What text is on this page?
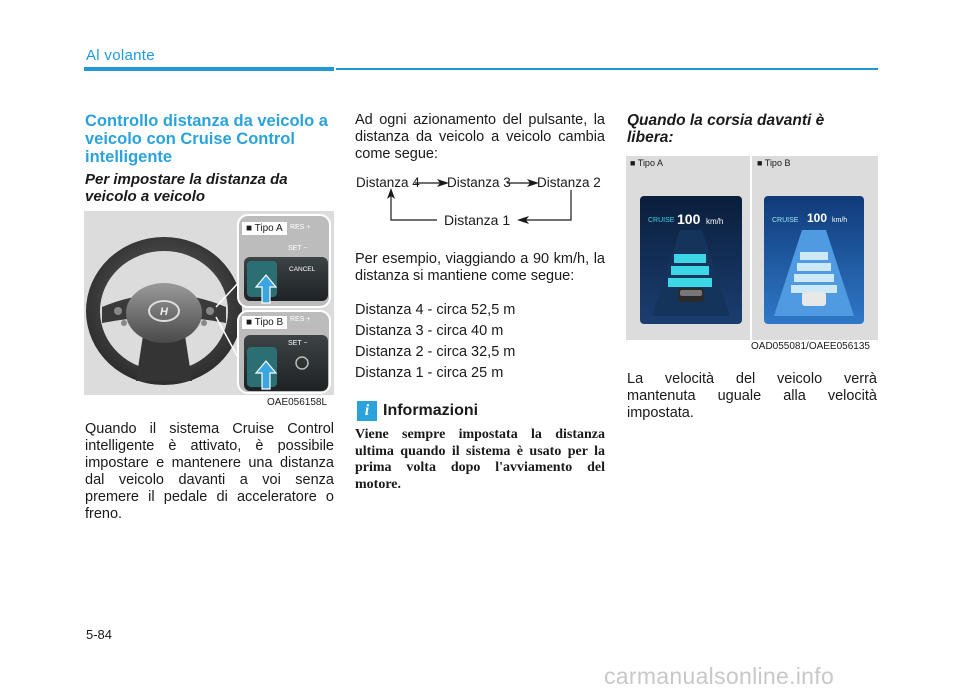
Al volante
Controllo distanza da veicolo a veicolo con Cruise Control intelligente
Per impostare la distanza da veicolo a veicolo
H
RES +
SET −
CANCEL
RES +
SET −
■ Tipo A
■ Tipo B
OAE056158L
Quando il sistema Cruise Control intelligente è attivato, è possibile impostare e mantenere una distanza dal veicolo davanti a voi senza premere il pedale di acceleratore o freno.
Ad ogni azionamento del pulsante, la distanza da veicolo a veicolo cambia come segue:
Distanza 4 Distanza 3 Distanza 2
Distanza 1
Per esempio, viaggiando a 90 km/h, la distanza si mantiene come segue:
Distanza 4 - circa 52,5 m
Distanza 3 - circa 40 m
Distanza 2 - circa 32,5 m
Distanza 1 - circa 25 m
i Informazioni
Viene sempre impostata la distanza ultima quando il sistema è usato per la prima volta dopo l'avviamento del motore.
Quando la corsia davanti è libera:
■ Tipo A	■ Tipo B
CRUISE 100 km/h	CRUISE 100 km/h
OAD055081/OAEE056135
La velocità del veicolo verrà mantenuta uguale alla velocità impostata.
5-84
carmanualsonline.info
